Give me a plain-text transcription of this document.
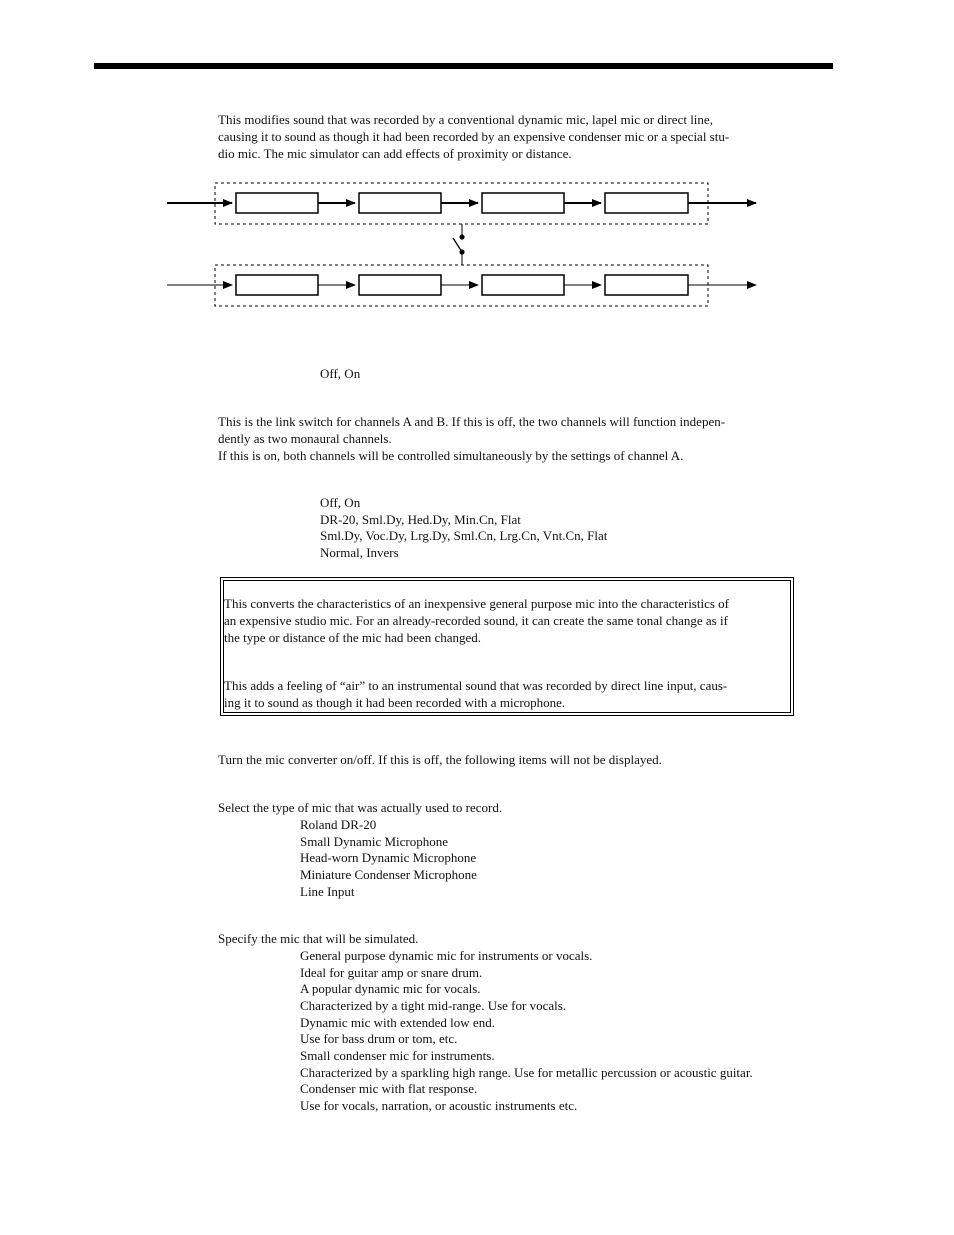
This modifies sound that was recorded by a conventional dynamic mic, lapel mic or direct line,
causing it to sound as though it had been recorded by an expensive condenser mic or a special stu-
dio mic. The mic simulator can add effects of proximity or distance.

Off, On

This is the link switch for channels A and B. If this is off, the two channels will function indepen-
dently as two monaural channels.
If this is on, both channels will be controlled simultaneously by the settings of channel A.

Off, On
DR-20, Sml.Dy, Hed.Dy, Min.Cn, Flat
Sml.Dy, Voc.Dy, Lrg.Dy, Sml.Cn, Lrg.Cn, Vnt.Cn, Flat
Normal, Invers

This converts the characteristics of an inexpensive general purpose mic into the characteristics of
an expensive studio mic. For an already-recorded sound, it can create the same tonal change as if
the type or distance of the mic had been changed.

This adds a feeling of “air” to an instrumental sound that was recorded by direct line input, caus-
ing it to sound as though it had been recorded with a microphone.

Turn the mic converter on/off. If this is off, the following items will not be displayed.
Select the type of mic that was actually used to record.
Roland DR-20
Small Dynamic Microphone
Head-worn Dynamic Microphone
Miniature Condenser Microphone
Line Input
Specify the mic that will be simulated.
General purpose dynamic mic for instruments or vocals.
Ideal for guitar amp or snare drum.
A popular dynamic mic for vocals.
Characterized by a tight mid-range. Use for vocals.
Dynamic mic with extended low end.
Use for bass drum or tom, etc.
Small condenser mic for instruments.
Characterized by a sparkling high range. Use for metallic percussion or acoustic guitar.
Condenser mic with flat response.
Use for vocals, narration, or acoustic instruments etc.
